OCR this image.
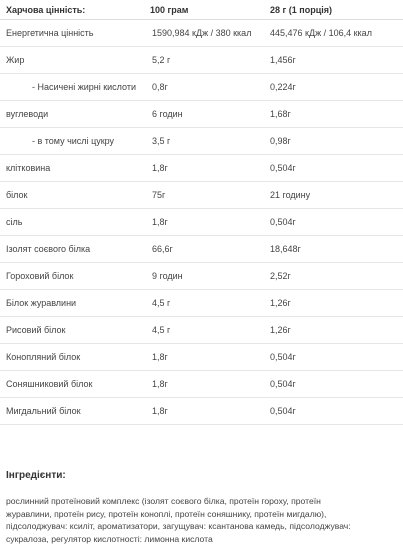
Харчова цінність:	100 грам	28 г (1 порція)
Енергетична цінність	1590,984 кДж / 380 ккал	445,476 кДж / 106,4 ккал
Жир	5,2 г	1,456г
- Насичені жирні кислоти	0,8г	0,224г
вуглеводи	6 годин	1,68г
- в тому числі цукру	3,5 г	0,98г
клітковина	1,8г	0,504г
білок	75г	21 годину
сіль	1,8г	0,504г
Ізолят соєвого білка	66,6г	18,648г
Гороховий білок	9 годин	2,52г
Білок журавлини	4,5 г	1,26г
Рисовий білок	4,5 г	1,26г
Конопляний білок	1,8г	0,504г
Соняшниковий білок	1,8г	0,504г
Мигдальний білок	1,8г	0,504г

Інгредієнти:

рослинний протеїновий комплекс (ізолят соєвого білка, протеїн гороху, протеїн
журавлини, протеїн рису, протеїн коноплі, протеїн соняшнику, протеїн мигдалю),
підсолоджувач: ксиліт, ароматизатори, загущувач: ксантанова камедь, підсолоджувач:
сукралоза, регулятор кислотності: лимонна кислота
